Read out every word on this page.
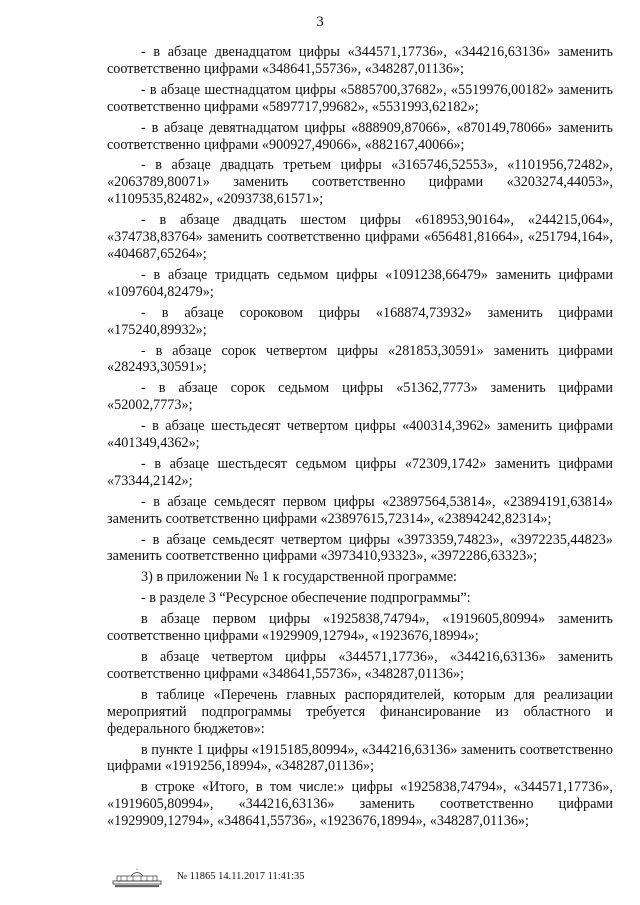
3

- в абзаце двенадцатом цифры «344571,17736», «344216,63136» заменить соответственно цифрами «348641,55736», «348287,01136»;

- в абзаце шестнадцатом цифры «5885700,37682», «5519976,00182» заменить соответственно цифрами «5897717,99682», «5531993,62182»;

- в абзаце девятнадцатом цифры «888909,87066», «870149,78066» заменить соответственно цифрами «900927,49066», «882167,40066»;

- в абзаце двадцать третьем цифры «3165746,52553», «1101956,72482», «2063789,80071» заменить соответственно цифрами «3203274,44053», «1109535,82482», «2093738,61571»;

- в абзаце двадцать шестом цифры «618953,90164», «244215,064», «374738,83764» заменить соответственно цифрами «656481,81664», «251794,164», «404687,65264»;

- в абзаце тридцать седьмом цифры «1091238,66479» заменить цифрами «1097604,82479»;

- в абзаце сороковом цифры «168874,73932» заменить цифрами «175240,89932»;

- в абзаце сорок четвертом цифры «281853,30591» заменить цифрами «282493,30591»;

- в абзаце сорок седьмом цифры «51362,7773» заменить цифрами «52002,7773»;

- в абзаце шестьдесят четвертом цифры «400314,3962» заменить цифрами «401349,4362»;

- в абзаце шестьдесят седьмом цифры «72309,1742» заменить цифрами «73344,2142»;

- в абзаце семьдесят первом цифры «23897564,53814», «23894191,63814» заменить соответственно цифрами «23897615,72314», «23894242,82314»;

- в абзаце семьдесят четвертом цифры «3973359,74823», «3972235,44823» заменить соответственно цифрами «3973410,93323», «3972286,63323»;

3) в приложении № 1 к государственной программе:

- в разделе 3 “Ресурсное обеспечение подпрограммы”:

в абзаце первом цифры «1925838,74794», «1919605,80994» заменить соответственно цифрами «1929909,12794», «1923676,18994»;

в абзаце четвертом цифры «344571,17736», «344216,63136» заменить соответственно цифрами «348641,55736», «348287,01136»;

в таблице «Перечень главных распорядителей, которым для реализации мероприятий подпрограммы требуется финансирование из областного и федерального бюджетов»:

в пункте 1 цифры «1915185,80994», «344216,63136» заменить соответственно цифрами «1919256,18994», «348287,01136»;

в строке «Итого, в том числе:» цифры «1925838,74794», «344571,17736», «1919605,80994», «344216,63136» заменить соответственно цифрами «1929909,12794», «348641,55736», «1923676,18994», «348287,01136»;

№ 11865 14.11.2017 11:41:35
